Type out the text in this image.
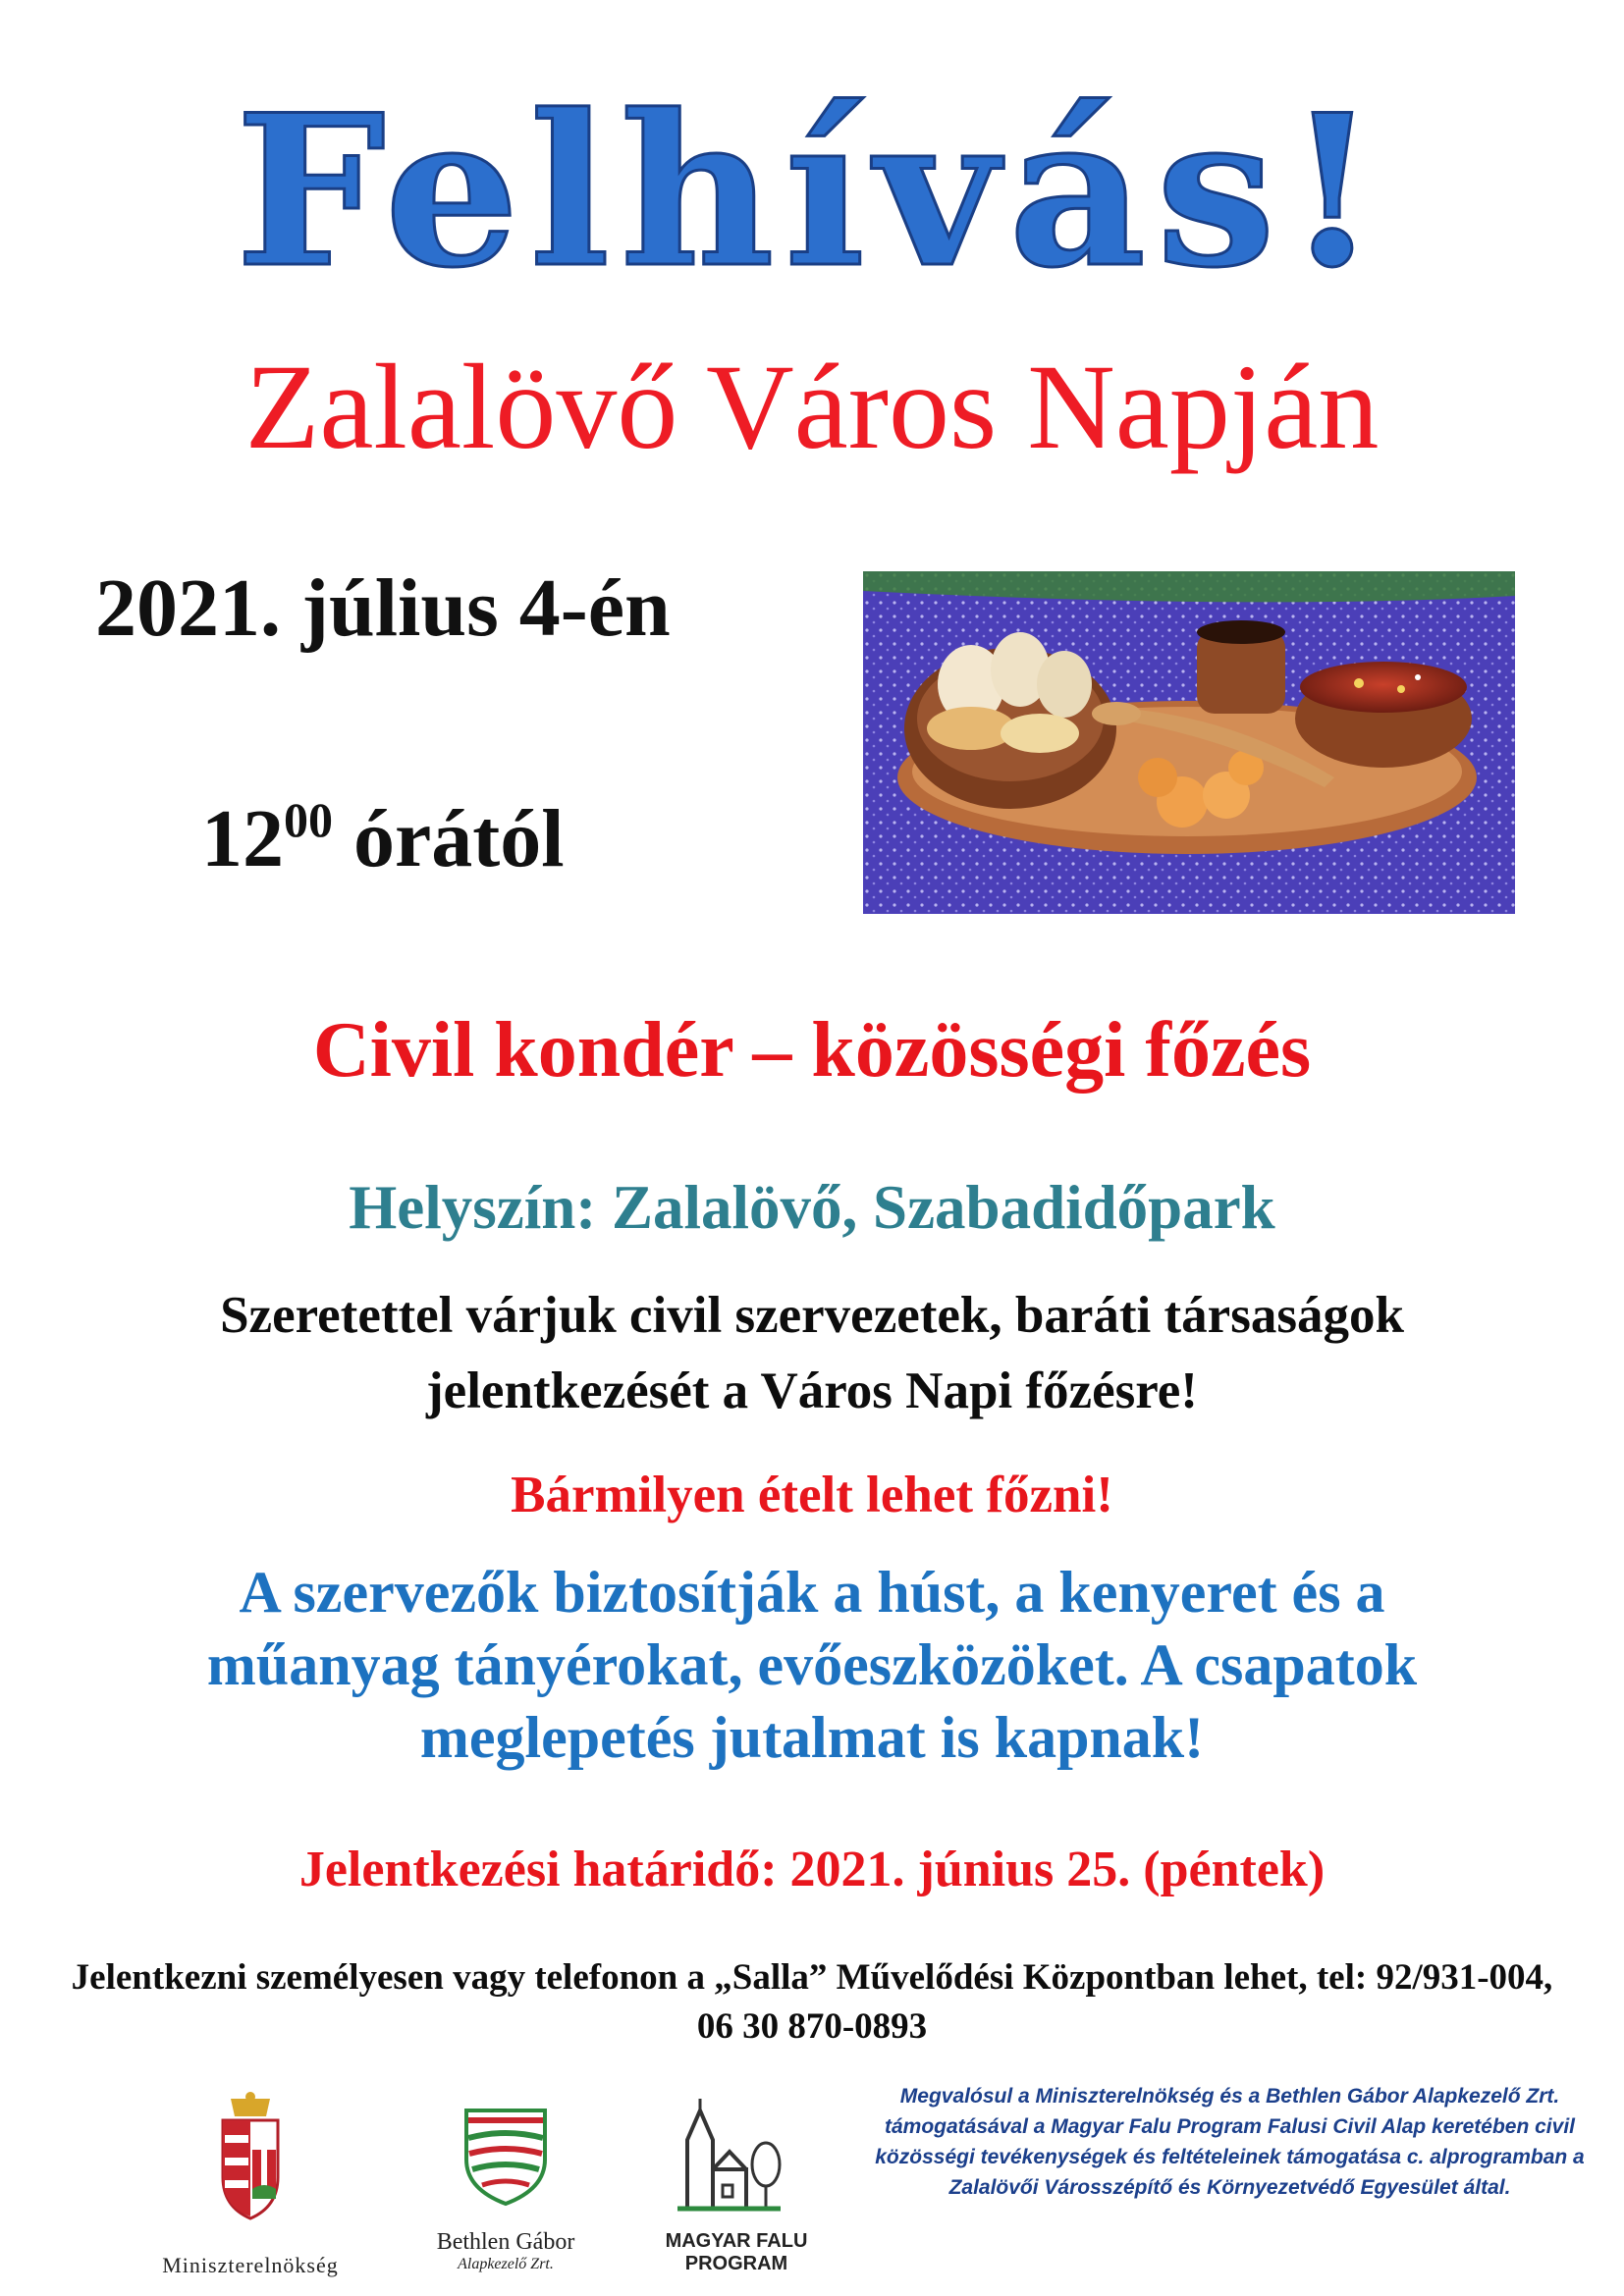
Felhívás!
Zalalövő Város Napján
2021. július 4-én
$12^{00}$ órától
Civil kondér – közösségi főzés
Helyszín: Zalalövő, Szabadidőpark
Szeretettel várjuk civil szervezetek, baráti társaságok jelentkezését a Város Napi főzésre!
Bármilyen ételt lehet főzni!
A szervezők biztosítják a húst, a kenyeret és a műanyag tányérokat, evőeszközöket. A csapatok meglepetés jutalmat is kapnak!
Jelentkezési határidő: 2021. június 25. (péntek)
Jelentkezni személyesen vagy telefonon a „Salla” Művelődési Központban lehet, tel: 92/931-004, 06 30 870-0893
Miniszterelnökség
Bethlen Gábor
Alapkezelő Zrt.
MAGYAR FALU
PROGRAM
Megvalósul a Miniszterelnökség és a Bethlen Gábor Alapkezelő Zrt. támogatásával a Magyar Falu Program Falusi Civil Alap keretében civil közösségi tevékenységek és feltételeinek támogatása c. alprogramban a Zalalövői Városszépítő és Környezetvédő Egyesület által.
